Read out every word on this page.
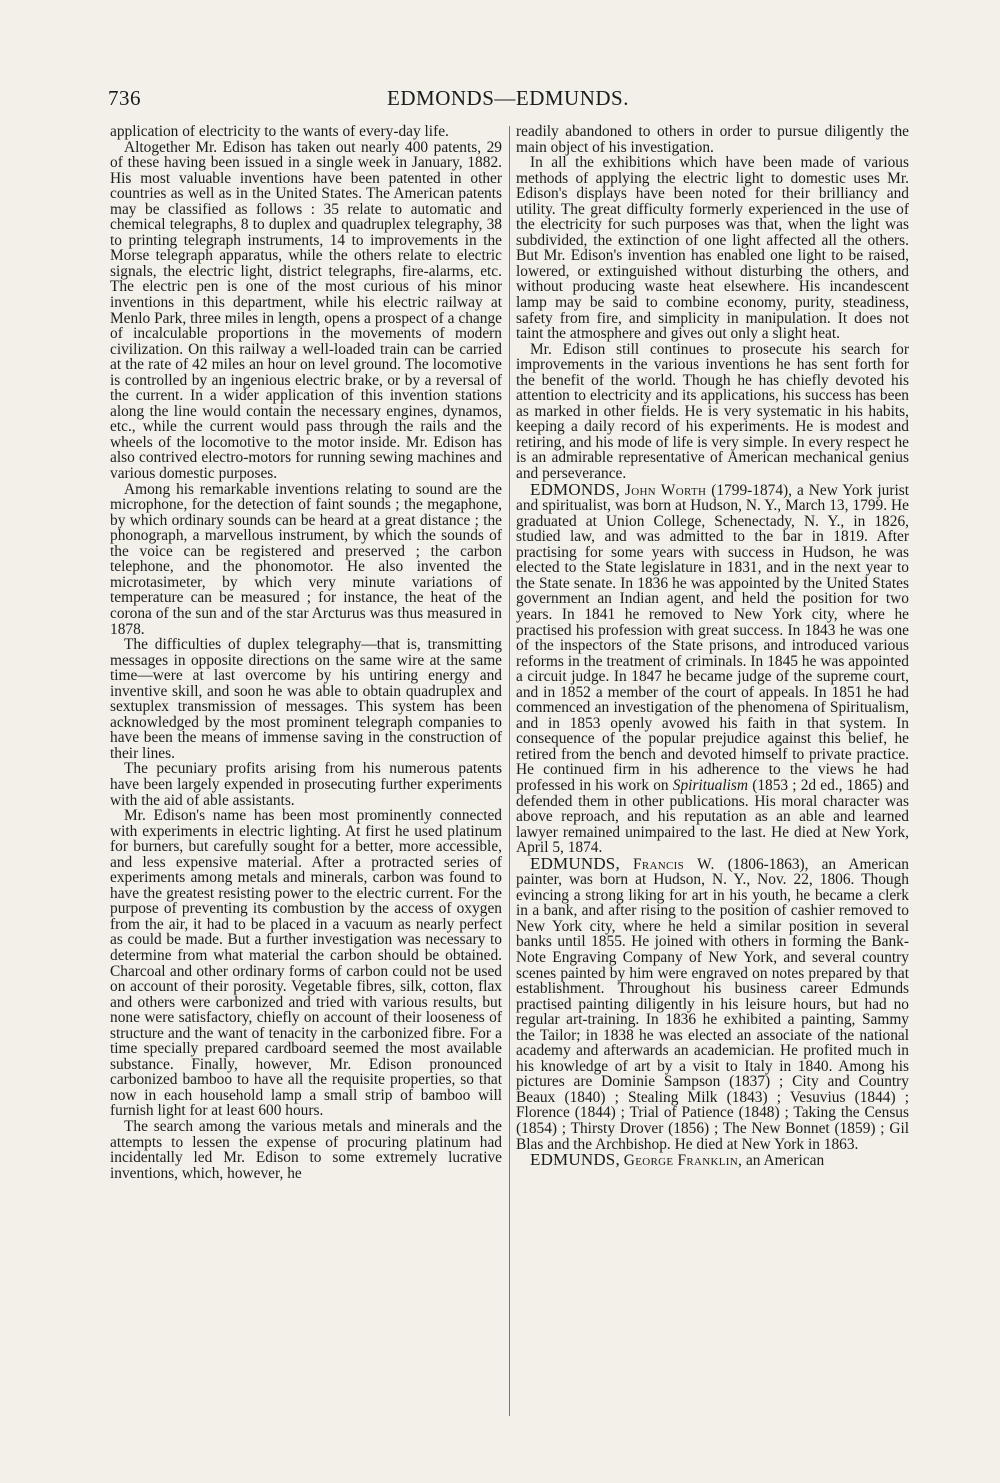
736	EDMONDS—EDMUNDS.

application of electricity to the wants of every-day life.

Altogether Mr. Edison has taken out nearly 400 patents, 29 of these having been issued in a single week in January, 1882. His most valuable inventions have been patented in other countries as well as in the United States. The American patents may be classified as follows : 35 relate to automatic and chemical telegraphs, 8 to duplex and quadruplex telegraphy, 38 to printing telegraph instruments, 14 to improvements in the Morse telegraph apparatus, while the others relate to electric signals, the electric light, district telegraphs, fire-alarms, etc. The electric pen is one of the most curious of his minor inventions in this department, while his electric railway at Menlo Park, three miles in length, opens a prospect of a change of incalculable proportions in the movements of modern civilization. On this railway a well-loaded train can be carried at the rate of 42 miles an hour on level ground. The locomotive is controlled by an ingenious electric brake, or by a reversal of the current. In a wider application of this invention stations along the line would contain the necessary engines, dynamos, etc., while the current would pass through the rails and the wheels of the locomotive to the motor inside. Mr. Edison has also contrived electro-motors for running sewing machines and various domestic purposes.

Among his remarkable inventions relating to sound are the microphone, for the detection of faint sounds ; the megaphone, by which ordinary sounds can be heard at a great distance ; the phonograph, a marvellous instrument, by which the sounds of the voice can be registered and preserved ; the carbon telephone, and the phonomotor. He also invented the microtasimeter, by which very minute variations of temperature can be measured ; for instance, the heat of the corona of the sun and of the star Arcturus was thus measured in 1878.

The difficulties of duplex telegraphy—that is, transmitting messages in opposite directions on the same wire at the same time—were at last overcome by his untiring energy and inventive skill, and soon he was able to obtain quadruplex and sextuplex transmission of messages. This system has been acknowledged by the most prominent telegraph companies to have been the means of immense saving in the construction of their lines.

The pecuniary profits arising from his numerous patents have been largely expended in prosecuting further experiments with the aid of able assistants.

Mr. Edison's name has been most prominently connected with experiments in electric lighting. At first he used platinum for burners, but carefully sought for a better, more accessible, and less expensive material. After a protracted series of experiments among metals and minerals, carbon was found to have the greatest resisting power to the electric current. For the purpose of preventing its combustion by the access of oxygen from the air, it had to be placed in a vacuum as nearly perfect as could be made. But a further investigation was necessary to determine from what material the carbon should be obtained. Charcoal and other ordinary forms of carbon could not be used on account of their porosity. Vegetable fibres, silk, cotton, flax and others were carbonized and tried with various results, but none were satisfactory, chiefly on account of their looseness of structure and the want of tenacity in the carbonized fibre. For a time specially prepared cardboard seemed the most available substance. Finally, however, Mr. Edison pronounced carbonized bamboo to have all the requisite properties, so that now in each household lamp a small strip of bamboo will furnish light for at least 600 hours.

The search among the various metals and minerals and the attempts to lessen the expense of procuring platinum had incidentally led Mr. Edison to some extremely lucrative inventions, which, however, he

readily abandoned to others in order to pursue diligently the main object of his investigation.

In all the exhibitions which have been made of various methods of applying the electric light to domestic uses Mr. Edison's displays have been noted for their brilliancy and utility. The great difficulty formerly experienced in the use of the electricity for such purposes was that, when the light was subdivided, the extinction of one light affected all the others. But Mr. Edison's invention has enabled one light to be raised, lowered, or extinguished without disturbing the others, and without producing waste heat elsewhere. His incandescent lamp may be said to combine economy, purity, steadiness, safety from fire, and simplicity in manipulation. It does not taint the atmosphere and gives out only a slight heat.

Mr. Edison still continues to prosecute his search for improvements in the various inventions he has sent forth for the benefit of the world. Though he has chiefly devoted his attention to electricity and its applications, his success has been as marked in other fields. He is very systematic in his habits, keeping a daily record of his experiments. He is modest and retiring, and his mode of life is very simple. In every respect he is an admirable representative of American mechanical genius and perseverance.

EDMONDS, John Worth (1799-1874), a New York jurist and spiritualist, was born at Hudson, N. Y., March 13, 1799. He graduated at Union College, Schenectady, N. Y., in 1826, studied law, and was admitted to the bar in 1819. After practising for some years with success in Hudson, he was elected to the State legislature in 1831, and in the next year to the State senate. In 1836 he was appointed by the United States government an Indian agent, and held the position for two years. In 1841 he removed to New York city, where he practised his profession with great success. In 1843 he was one of the inspectors of the State prisons, and introduced various reforms in the treatment of criminals. In 1845 he was appointed a circuit judge. In 1847 he became judge of the supreme court, and in 1852 a member of the court of appeals. In 1851 he had commenced an investigation of the phenomena of Spiritualism, and in 1853 openly avowed his faith in that system. In consequence of the popular prejudice against this belief, he retired from the bench and devoted himself to private practice. He continued firm in his adherence to the views he had professed in his work on Spiritualism (1853 ; 2d ed., 1865) and defended them in other publications. His moral character was above reproach, and his reputation as an able and learned lawyer remained unimpaired to the last. He died at New York, April 5, 1874.

EDMUNDS, Francis W. (1806-1863), an American painter, was born at Hudson, N. Y., Nov. 22, 1806. Though evincing a strong liking for art in his youth, he became a clerk in a bank, and after rising to the position of cashier removed to New York city, where he held a similar position in several banks until 1855. He joined with others in forming the Bank-Note Engraving Company of New York, and several country scenes painted by him were engraved on notes prepared by that establishment. Throughout his business career Edmunds practised painting diligently in his leisure hours, but had no regular art-training. In 1836 he exhibited a painting, Sammy the Tailor; in 1838 he was elected an associate of the national academy and afterwards an academician. He profited much in his knowledge of art by a visit to Italy in 1840. Among his pictures are Dominie Sampson (1837) ; City and Country Beaux (1840) ; Stealing Milk (1843) ; Vesuvius (1844) ; Florence (1844) ; Trial of Patience (1848) ; Taking the Census (1854) ; Thirsty Drover (1856) ; The New Bonnet (1859) ; Gil Blas and the Archbishop. He died at New York in 1863.

EDMUNDS, George Franklin, an American
